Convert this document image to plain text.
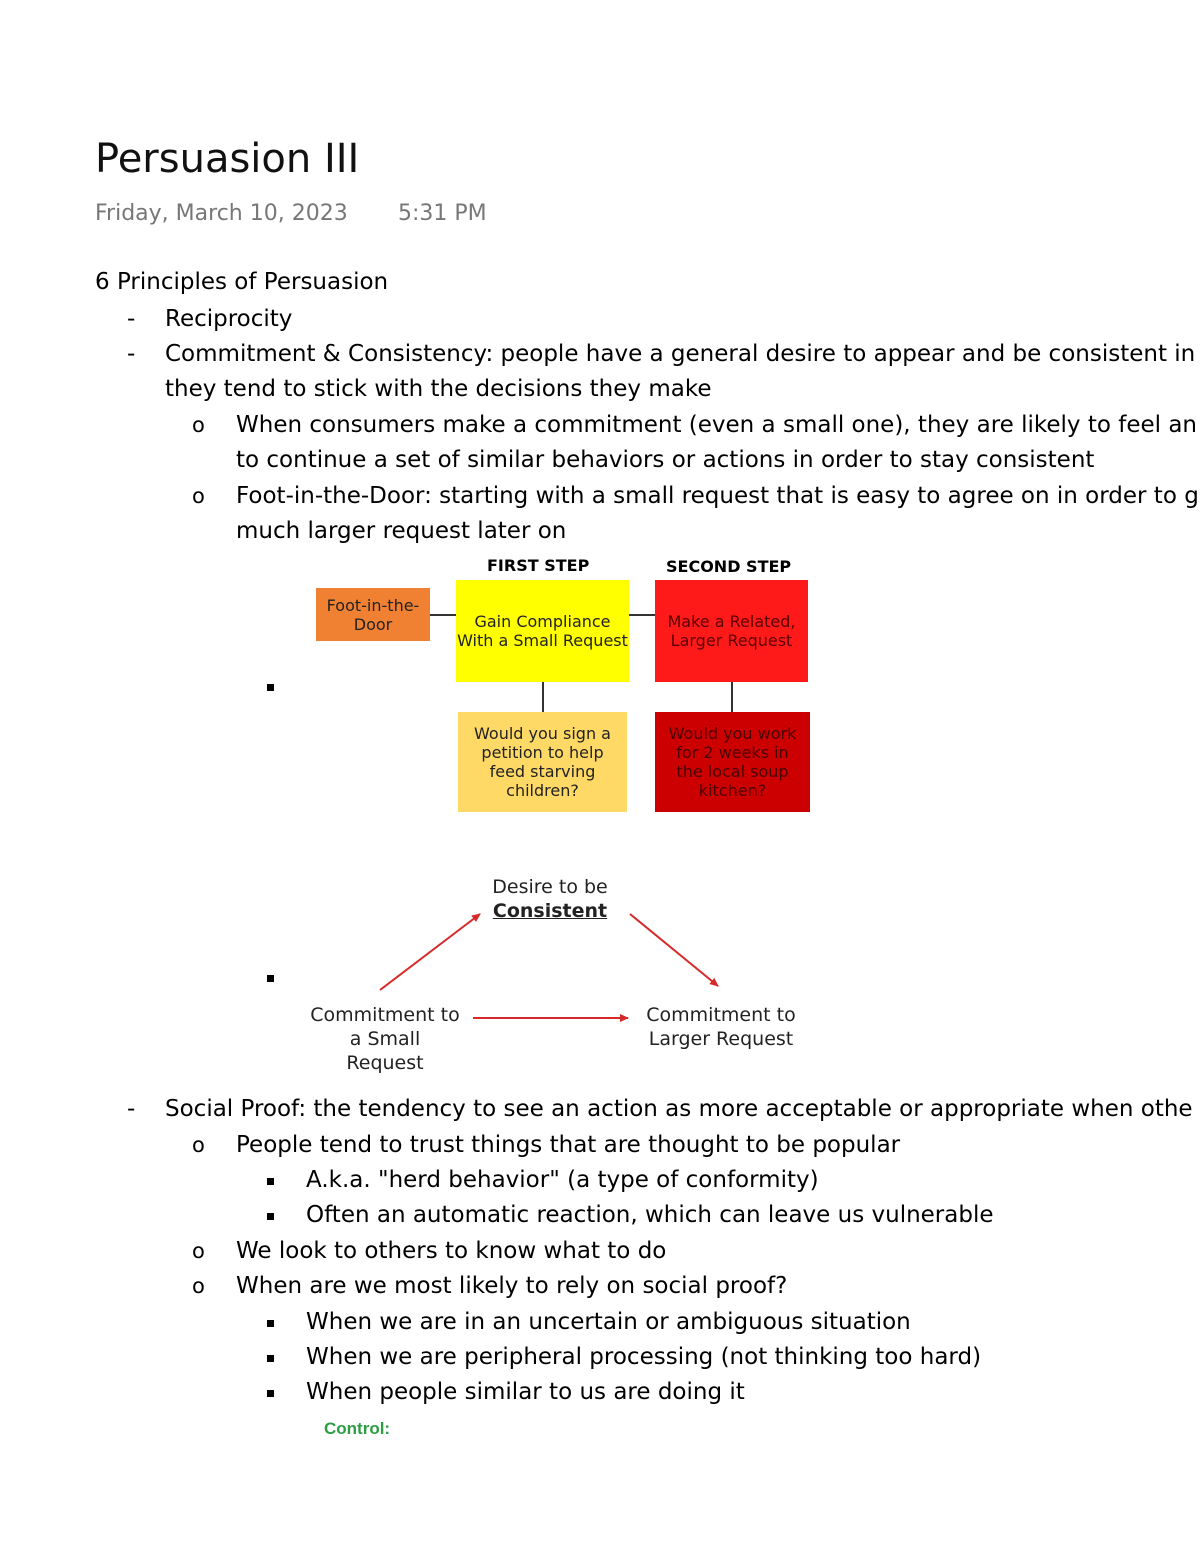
Persuasion III
Friday, March 10, 2023 5:31 PM
6 Principles of Persuasion
- Reciprocity
- Commitment & Consistency: people have a general desire to appear and be consistent in
they tend to stick with the decisions they make
o When consumers make a commitment (even a small one), they are likely to feel an
to continue a set of similar behaviors or actions in order to stay consistent
o Foot-in-the-Door: starting with a small request that is easy to agree on in order to g
much larger request later on
FIRST STEP	SECOND STEP
Foot-in-the-Door	Gain Compliance With a Small Request
Make a Related, Larger Request
Would you sign a petition to help feed starving children?
Would you work for 2 weeks in the local soup kitchen?
Desire to be
Consistent
Commitment to a Small Request
Commitment to Larger Request
- Social Proof: the tendency to see an action as more acceptable or appropriate when othe
o People tend to trust things that are thought to be popular
A.k.a. "herd behavior" (a type of conformity)
Often an automatic reaction, which can leave us vulnerable
o We look to others to know what to do
o When are we most likely to rely on social proof?
When we are in an uncertain or ambiguous situation
When we are peripheral processing (not thinking too hard)
When people similar to us are doing it
Control:
